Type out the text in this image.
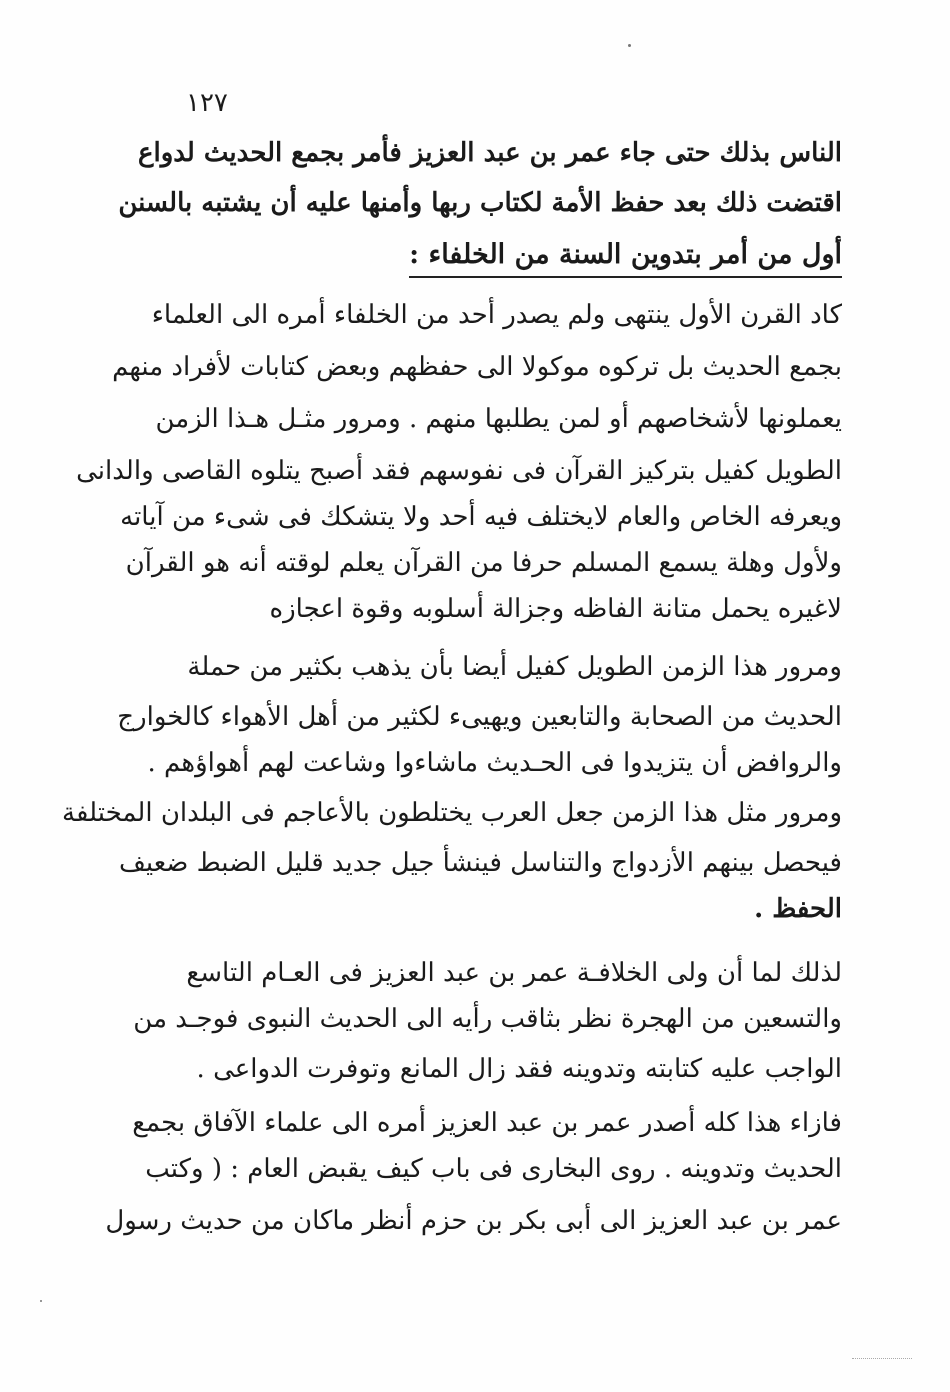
١٢٧
الناس بذلك حتى جاء عمر بن عبد العزيز فأمر بجمع الحديث لدواع
اقتضت ذلك بعد حفظ الأمة لكتاب ربها وأمنها عليه أن يشتبه بالسنن
أول من أمر بتدوين السنة من الخلفاء :
كاد القرن الأول ينتهى ولم يصدر أحد من الخلفاء أمره الى العلماء
بجمع الحديث بل تركوه موكولا الى حفظهم وبعض كتابات لأفراد منهم
يعملونها لأشخاصهم أو لمن يطلبها منهم . ومرور مثـل هـذا الزمن
الطويل كفيل بتركيز القرآن فى نفوسهم فقد أصبح يتلوه القاصى والدانى
ويعرفه الخاص والعام لايختلف فيه أحد ولا يتشكك فى شىء من آياته
ولأول وهلة يسمع المسلم حرفا من القرآن يعلم لوقته أنه هو القرآن
لاغيره يحمل متانة الفاظه وجزالة أسلوبه وقوة اعجازه
ومرور هذا الزمن الطويل كفيل أيضا بأن يذهب بكثير من حملة
الحديث من الصحابة والتابعين ويهيىء لكثير من أهل الأهواء كالخوارج
والروافض أن يتزيدوا فى الحـديث ماشاءوا وشاعت لهم أهواؤهم .
ومرور مثل هذا الزمن جعل العرب يختلطون بالأعاجم فى البلدان المختلفة
فيحصل بينهم الأزدواج والتناسل فينشأ جيل جديد قليل الضبط ضعيف
الحفظ .
لذلك لما أن ولى الخلافـة عمر بن عبد العزيز فى العـام التاسع
والتسعين من الهجرة نظر بثاقب رأيه الى الحديث النبوى فوجـد من
الواجب عليه كتابته وتدوينه فقد زال المانع وتوفرت الدواعى .
فازاء هذا كله أصدر عمر بن عبد العزيز أمره الى علماء الآفاق بجمع
الحديث وتدوينه . روى البخارى فى باب كيف يقبض العام : ( وكتب
عمر بن عبد العزيز الى أبى بكر بن حزم أنظر ماكان من حديث رسول
